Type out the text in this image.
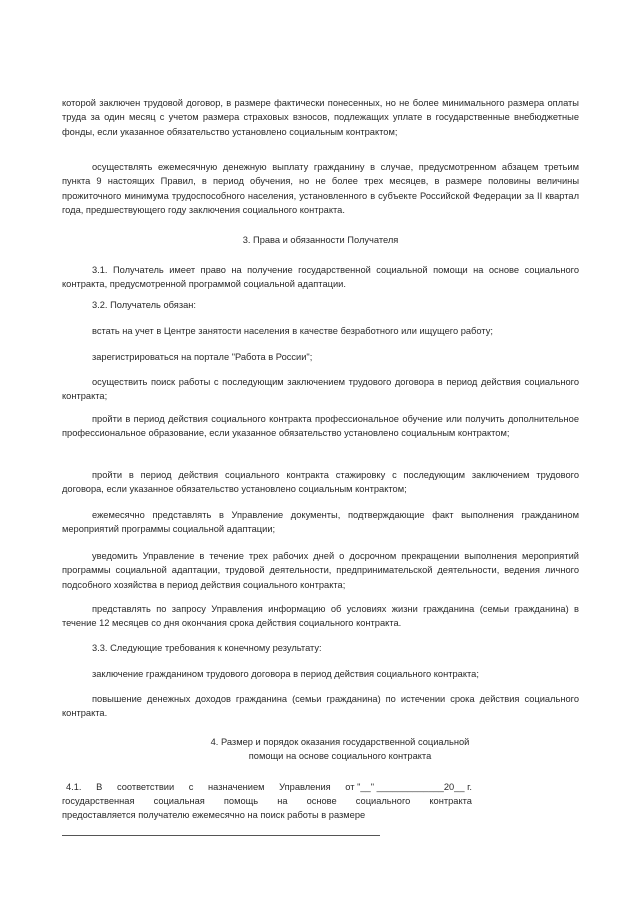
которой заключен трудовой договор, в размере фактически понесенных, но не более минимального размера оплаты труда за один месяц с учетом размера страховых взносов, подлежащих уплате в государственные внебюджетные фонды, если указанное обязательство установлено социальным контрактом;

осуществлять ежемесячную денежную выплату гражданину в случае, предусмотренном абзацем третьим пункта 9 настоящих Правил, в период обучения, но не более трех месяцев, в размере половины величины прожиточного минимума трудоспособного населения, установленного в субъекте Российской Федерации за II квартал года, предшествующего году заключения социального контракта.

3. Права и обязанности Получателя

3.1. Получатель имеет право на получение государственной социальной помощи на основе социального контракта, предусмотренной программой социальной адаптации.

3.2. Получатель обязан:

встать на учет в Центре занятости населения в качестве безработного или ищущего работу;

зарегистрироваться на портале "Работа в России";

осуществить поиск работы с последующим заключением трудового договора в период действия социального контракта;

пройти в период действия социального контракта профессиональное обучение или получить дополнительное профессиональное образование, если указанное обязательство установлено социальным контрактом;

пройти в период действия социального контракта стажировку с последующим заключением трудового договора, если указанное обязательство установлено социальным контрактом;

ежемесячно представлять в Управление документы, подтверждающие факт выполнения гражданином мероприятий программы социальной адаптации;

уведомить Управление в течение трех рабочих дней о досрочном прекращении выполнения мероприятий программы социальной адаптации, трудовой деятельности, предпринимательской деятельности, ведения личного подсобного хозяйства в период действия социального контракта;

представлять по запросу Управления информацию об условиях жизни гражданина (семьи гражданина) в течение 12 месяцев со дня окончания срока действия социального контракта.

3.3. Следующие требования к конечному результату:

заключение гражданином трудового договора в период действия социального контракта;

повышение денежных доходов гражданина (семьи гражданина) по истечении срока действия социального контракта.

4. Размер и порядок оказания государственной социальной
помощи на основе социального контракта

4.1. В соответствии с назначением Управления от "__" _____________20__ г.
государственная социальная помощь на основе социального контракта
предоставляется получателю ежемесячно на поиск работы в размере
